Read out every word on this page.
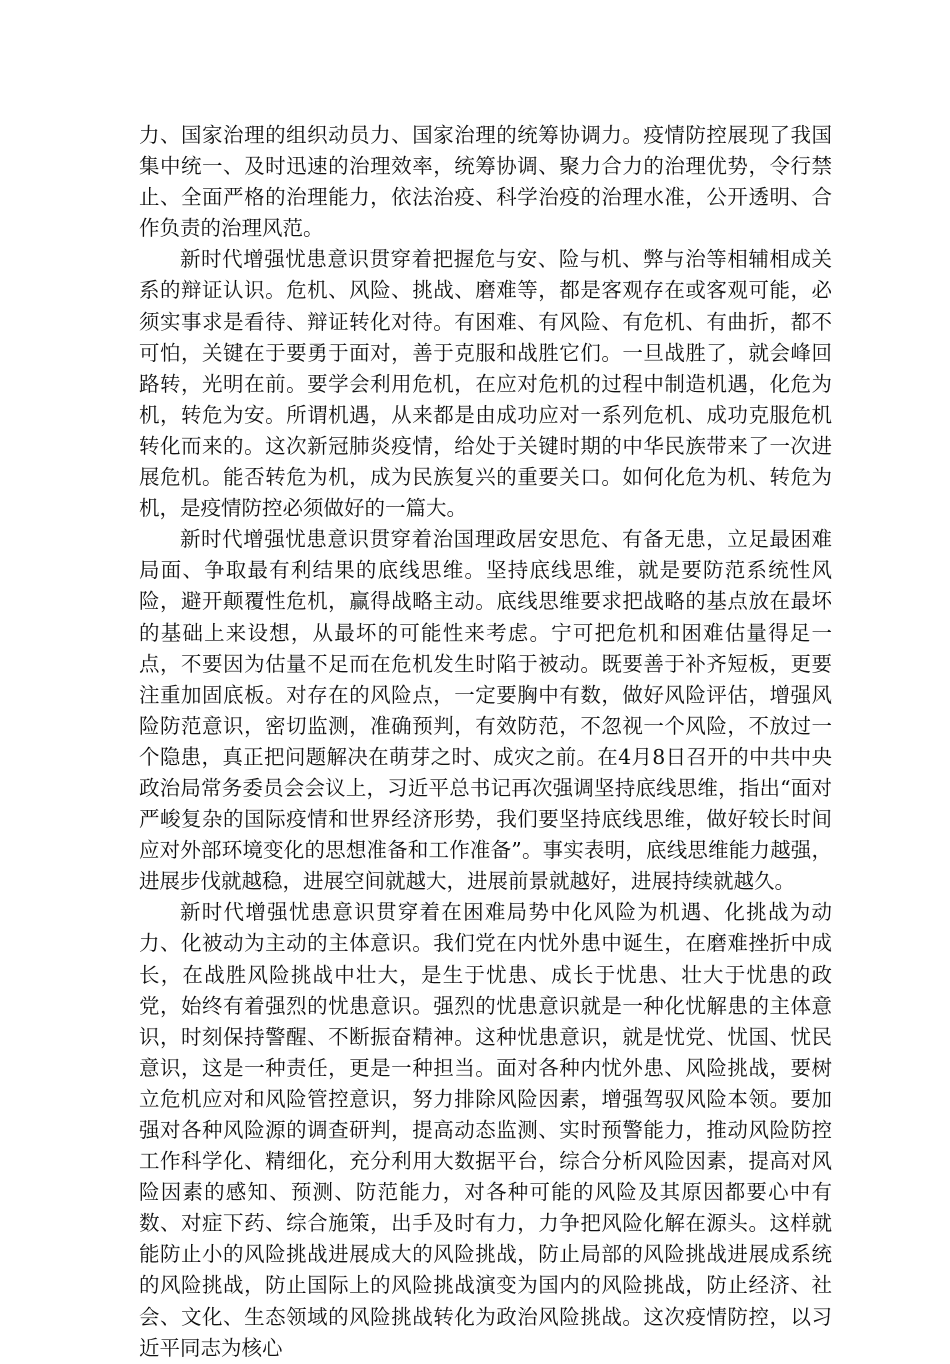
力、国家治理的组织动员力、国家治理的统筹协调力。疫情防控展现了我国集中统一、及时迅速的治理效率，统筹协调、聚力合力的治理优势，令行禁止、全面严格的治理能力，依法治疫、科学治疫的治理水准，公开透明、合作负责的治理风范。

新时代增强忧患意识贯穿着把握危与安、险与机、弊与治等相辅相成关系的辩证认识。危机、风险、挑战、磨难等，都是客观存在或客观可能，必须实事求是看待、辩证转化对待。有困难、有风险、有危机、有曲折，都不可怕，关键在于要勇于面对，善于克服和战胜它们。一旦战胜了，就会峰回路转，光明在前。要学会利用危机，在应对危机的过程中制造机遇，化危为机，转危为安。所谓机遇，从来都是由成功应对一系列危机、成功克服危机转化而来的。这次新冠肺炎疫情，给处于关键时期的中华民族带来了一次进展危机。能否转危为机，成为民族复兴的重要关口。如何化危为机、转危为机，是疫情防控必须做好的一篇大。

新时代增强忧患意识贯穿着治国理政居安思危、有备无患，立足最困难局面、争取最有利结果的底线思维。坚持底线思维，就是要防范系统性风险，避开颠覆性危机，赢得战略主动。底线思维要求把战略的基点放在最坏的基础上来设想，从最坏的可能性来考虑。宁可把危机和困难估量得足一点，不要因为估量不足而在危机发生时陷于被动。既要善于补齐短板，更要注重加固底板。对存在的风险点，一定要胸中有数，做好风险评估，增强风险防范意识，密切监测，准确预判，有效防范，不忽视一个风险，不放过一个隐患，真正把问题解决在萌芽之时、成灾之前。在4月8日召开的中共中央政治局常务委员会会议上，习近平总书记再次强调坚持底线思维，指出“面对严峻复杂的国际疫情和世界经济形势，我们要坚持底线思维，做好较长时间应对外部环境变化的思想准备和工作准备”。事实表明，底线思维能力越强，进展步伐就越稳，进展空间就越大，进展前景就越好，进展持续就越久。

新时代增强忧患意识贯穿着在困难局势中化风险为机遇、化挑战为动力、化被动为主动的主体意识。我们党在内忧外患中诞生，在磨难挫折中成长，在战胜风险挑战中壮大，是生于忧患、成长于忧患、壮大于忧患的政党，始终有着强烈的忧患意识。强烈的忧患意识就是一种化忧解患的主体意识，时刻保持警醒、不断振奋精神。这种忧患意识，就是忧党、忧国、忧民意识，这是一种责任，更是一种担当。面对各种内忧外患、风险挑战，要树立危机应对和风险管控意识，努力排除风险因素，增强驾驭风险本领。要加强对各种风险源的调查研判，提高动态监测、实时预警能力，推动风险防控工作科学化、精细化，充分利用大数据平台，综合分析风险因素，提高对风险因素的感知、预测、防范能力，对各种可能的风险及其原因都要心中有数、对症下药、综合施策，出手及时有力，力争把风险化解在源头。这样就能防止小的风险挑战进展成大的风险挑战，防止局部的风险挑战进展成系统的风险挑战，防止国际上的风险挑战演变为国内的风险挑战，防止经济、社会、文化、生态领域的风险挑战转化为政治风险挑战。这次疫情防控，以习近平同志为核心
